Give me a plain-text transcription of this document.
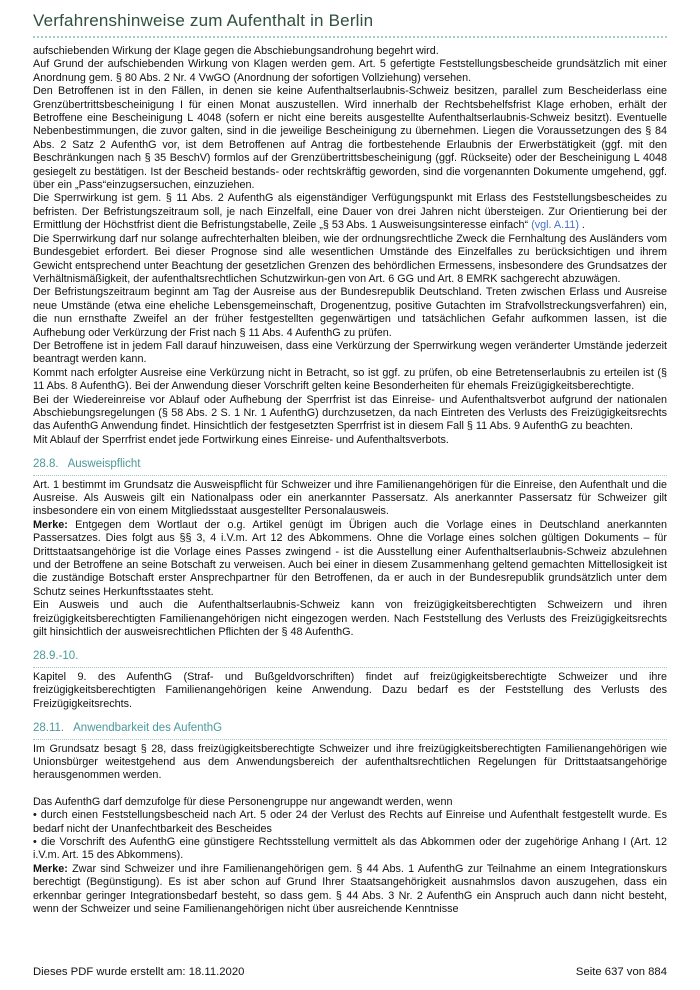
Verfahrenshinweise zum Aufenthalt in Berlin

aufschiebenden Wirkung der Klage gegen die Abschiebungsandrohung begehrt wird.

Auf Grund der aufschiebenden Wirkung von Klagen werden gem. Art. 5 gefertigte Feststellungsbescheide grundsätzlich mit einer Anordnung gem. § 80 Abs. 2 Nr. 4 VwGO (Anordnung der sofortigen Vollziehung) versehen.

Den Betroffenen ist in den Fällen, in denen sie keine Aufenthaltserlaubnis-Schweiz besitzen, parallel zum Bescheiderlass eine Grenzübertrittsbescheinigung I für einen Monat auszustellen. Wird innerhalb der Rechtsbehelfsfrist Klage erhoben, erhält der Betroffene eine Bescheinigung L 4048 (sofern er nicht eine bereits ausgestellte Aufenthaltserlaubnis-Schweiz besitzt). Eventuelle Nebenbestimmungen, die zuvor galten, sind in die jeweilige Bescheinigung zu übernehmen. Liegen die Voraussetzungen des § 84 Abs. 2 Satz 2 AufenthG vor, ist dem Betroffenen auf Antrag die fortbestehende Erlaubnis der Erwerbstätigkeit (ggf. mit den Beschränkungen nach § 35 BeschV) formlos auf der Grenzübertrittsbescheinigung (ggf. Rückseite) oder der Bescheinigung L 4048 gesiegelt zu bestätigen. Ist der Bescheid bestands- oder rechtskräftig geworden, sind die vorgenannten Dokumente umgehend, ggf. über ein „Pass“einzugsersuchen, einzuziehen.

Die Sperrwirkung ist gem. § 11 Abs. 2 AufenthG als eigenständiger Verfügungspunkt mit Erlass des Feststellungsbescheides zu befristen. Der Befristungszeitraum soll, je nach Einzelfall, eine Dauer von drei Jahren nicht übersteigen. Zur Orientierung bei der Ermittlung der Höchstfrist dient die Befristungstabelle, Zeile „§ 53 Abs. 1 Ausweisungsinteresse einfach“ (vgl. A.11) .

Die Sperrwirkung darf nur solange aufrechterhalten bleiben, wie der ordnungsrechtliche Zweck die Fernhaltung des Ausländers vom Bundesgebiet erfordert. Bei dieser Prognose sind alle wesentlichen Umstände des Einzelfalles zu berücksichtigen und ihrem Gewicht entsprechend unter Beachtung der gesetzlichen Grenzen des behördlichen Ermessens, insbesondere des Grundsatzes der Verhältnismäßigkeit, der aufenthaltsrechtlichen Schutzwirkun-gen von Art. 6 GG und Art. 8 EMRK sachgerecht abzuwägen.

Der Befristungszeitraum beginnt am Tag der Ausreise aus der Bundesrepublik Deutschland. Treten zwischen Erlass und Ausreise neue Umstände (etwa eine eheliche Lebensgemeinschaft, Drogenentzug, positive Gutachten im Strafvollstreckungsverfahren) ein, die nun ernsthafte Zweifel an der früher festgestellten gegenwärtigen und tatsächlichen Gefahr aufkommen lassen, ist die Aufhebung oder Verkürzung der Frist nach § 11 Abs. 4 AufenthG zu prüfen.

Der Betroffene ist in jedem Fall darauf hinzuweisen, dass eine Verkürzung der Sperrwirkung wegen veränderter Umstände jederzeit beantragt werden kann.

Kommt nach erfolgter Ausreise eine Verkürzung nicht in Betracht, so ist ggf. zu prüfen, ob eine Betretenserlaubnis zu erteilen ist (§ 11 Abs. 8 AufenthG). Bei der Anwendung dieser Vorschrift gelten keine Besonderheiten für ehemals Freizügigkeitsberechtigte.

Bei der Wiedereinreise vor Ablauf oder Aufhebung der Sperrfrist ist das Einreise- und Aufenthaltsverbot aufgrund der nationalen Abschiebungsregelungen (§ 58 Abs. 2 S. 1 Nr. 1 AufenthG) durchzusetzen, da nach Eintreten des Verlusts des Freizügigkeitsrechts das AufenthG Anwendung findet. Hinsichtlich der festgesetzten Sperrfrist ist in diesem Fall § 11 Abs. 9 AufenthG zu beachten.

Mit Ablauf der Sperrfrist endet jede Fortwirkung eines Einreise- und Aufenthaltsverbots.

28.8. Ausweispflicht

Art. 1 bestimmt im Grundsatz die Ausweispflicht für Schweizer und ihre Familienangehörigen für die Einreise, den Aufenthalt und die Ausreise. Als Ausweis gilt ein Nationalpass oder ein anerkannter Passersatz. Als anerkannter Passersatz für Schweizer gilt insbesondere ein von einem Mitgliedsstaat ausgestellter Personalausweis.

Merke: Entgegen dem Wortlaut der o.g. Artikel genügt im Übrigen auch die Vorlage eines in Deutschland anerkannten Passersatzes. Dies folgt aus §§ 3, 4 i.V.m. Art 12 des Abkommens. Ohne die Vorlage eines solchen gültigen Dokuments – für Drittstaatsangehörige ist die Vorlage eines Passes zwingend - ist die Ausstellung einer Aufenthaltserlaubnis-Schweiz abzulehnen und der Betroffene an seine Botschaft zu verweisen. Auch bei einer in diesem Zusammenhang geltend gemachten Mittellosigkeit ist die zuständige Botschaft erster Ansprechpartner für den Betroffenen, da er auch in der Bundesrepublik grundsätzlich unter dem Schutz seines Herkunftsstaates steht.

Ein Ausweis und auch die Aufenthaltserlaubnis-Schweiz kann von freizügigkeitsberechtigten Schweizern und ihren freizügigkeitsberechtigten Familienangehörigen nicht eingezogen werden. Nach Feststellung des Verlusts des Freizügigkeitsrechts gilt hinsichtlich der ausweisrechtlichen Pflichten der § 48 AufenthG.

28.9.-10.

Kapitel 9. des AufenthG (Straf- und Bußgeldvorschriften) findet auf freizügigkeitsberechtigte Schweizer und ihre freizügigkeitsberechtigten Familienangehörigen keine Anwendung. Dazu bedarf es der Feststellung des Verlusts des Freizügigkeitsrechts.

28.11. Anwendbarkeit des AufenthG

Im Grundsatz besagt § 28, dass freizügigkeitsberechtigte Schweizer und ihre freizügigkeitsberechtigten Familienangehörigen wie Unionsbürger weitestgehend aus dem Anwendungsbereich der aufenthaltsrechtlichen Regelungen für Drittstaatsangehörige herausgenommen werden.

Das AufenthG darf demzufolge für diese Personengruppe nur angewandt werden, wenn

• durch einen Feststellungsbescheid nach Art. 5 oder 24 der Verlust des Rechts auf Einreise und Aufenthalt festgestellt wurde. Es bedarf nicht der Unanfechtbarkeit des Bescheides

• die Vorschrift des AufenthG eine günstigere Rechtsstellung vermittelt als das Abkommen oder der zugehörige Anhang I (Art. 12 i.V.m. Art. 15 des Abkommens).

Merke: Zwar sind Schweizer und ihre Familienangehörigen gem. § 44 Abs. 1 AufenthG zur Teilnahme an einem Integrationskurs berechtigt (Begünstigung). Es ist aber schon auf Grund Ihrer Staatsangehörigkeit ausnahmslos davon auszugehen, dass ein erkennbar geringer Integrationsbedarf besteht, so dass gem. § 44 Abs. 3 Nr. 2 AufenthG ein Anspruch auch dann nicht besteht, wenn der Schweizer und seine Familienangehörigen nicht über ausreichende Kenntnisse

Dieses PDF wurde erstellt am: 18.11.2020	Seite 637 von 884
